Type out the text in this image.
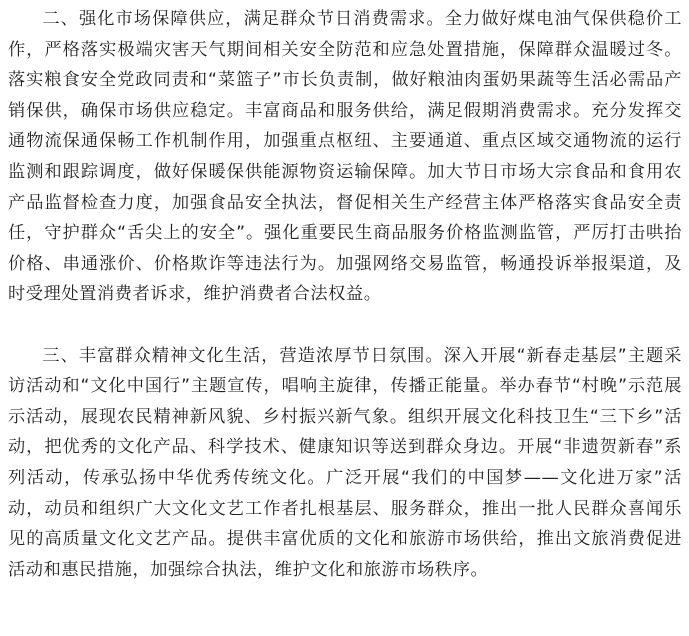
二、强化市场保障供应，满足群众节日消费需求。全力做好煤电油气保供稳价工作，严格落实极端灾害天气期间相关安全防范和应急处置措施，保障群众温暖过冬。落实粮食安全党政同责和“菜篮子”市长负责制，做好粮油肉蛋奶果蔬等生活必需品产销保供，确保市场供应稳定。丰富商品和服务供给，满足假期消费需求。充分发挥交通物流保通保畅工作机制作用，加强重点枢纽、主要通道、重点区域交通物流的运行监测和跟踪调度，做好保暖保供能源物资运输保障。加大节日市场大宗食品和食用农产品监督检查力度，加强食品安全执法，督促相关生产经营主体严格落实食品安全责任，守护群众“舌尖上的安全”。强化重要民生商品服务价格监测监管，严厉打击哄抬价格、串通涨价、价格欺诈等违法行为。加强网络交易监管，畅通投诉举报渠道，及时受理处置消费者诉求，维护消费者合法权益。

三、丰富群众精神文化生活，营造浓厚节日氛围。深入开展“新春走基层”主题采访活动和“文化中国行”主题宣传，唱响主旋律，传播正能量。举办春节“村晚”示范展示活动，展现农民精神新风貌、乡村振兴新气象。组织开展文化科技卫生“三下乡”活动，把优秀的文化产品、科学技术、健康知识等送到群众身边。开展“非遗贺新春”系列活动，传承弘扬中华优秀传统文化。广泛开展“我们的中国梦——文化进万家”活动，动员和组织广大文化文艺工作者扎根基层、服务群众，推出一批人民群众喜闻乐见的高质量文化文艺产品。提供丰富优质的文化和旅游市场供给，推出文旅消费促进活动和惠民措施，加强综合执法，维护文化和旅游市场秩序。
